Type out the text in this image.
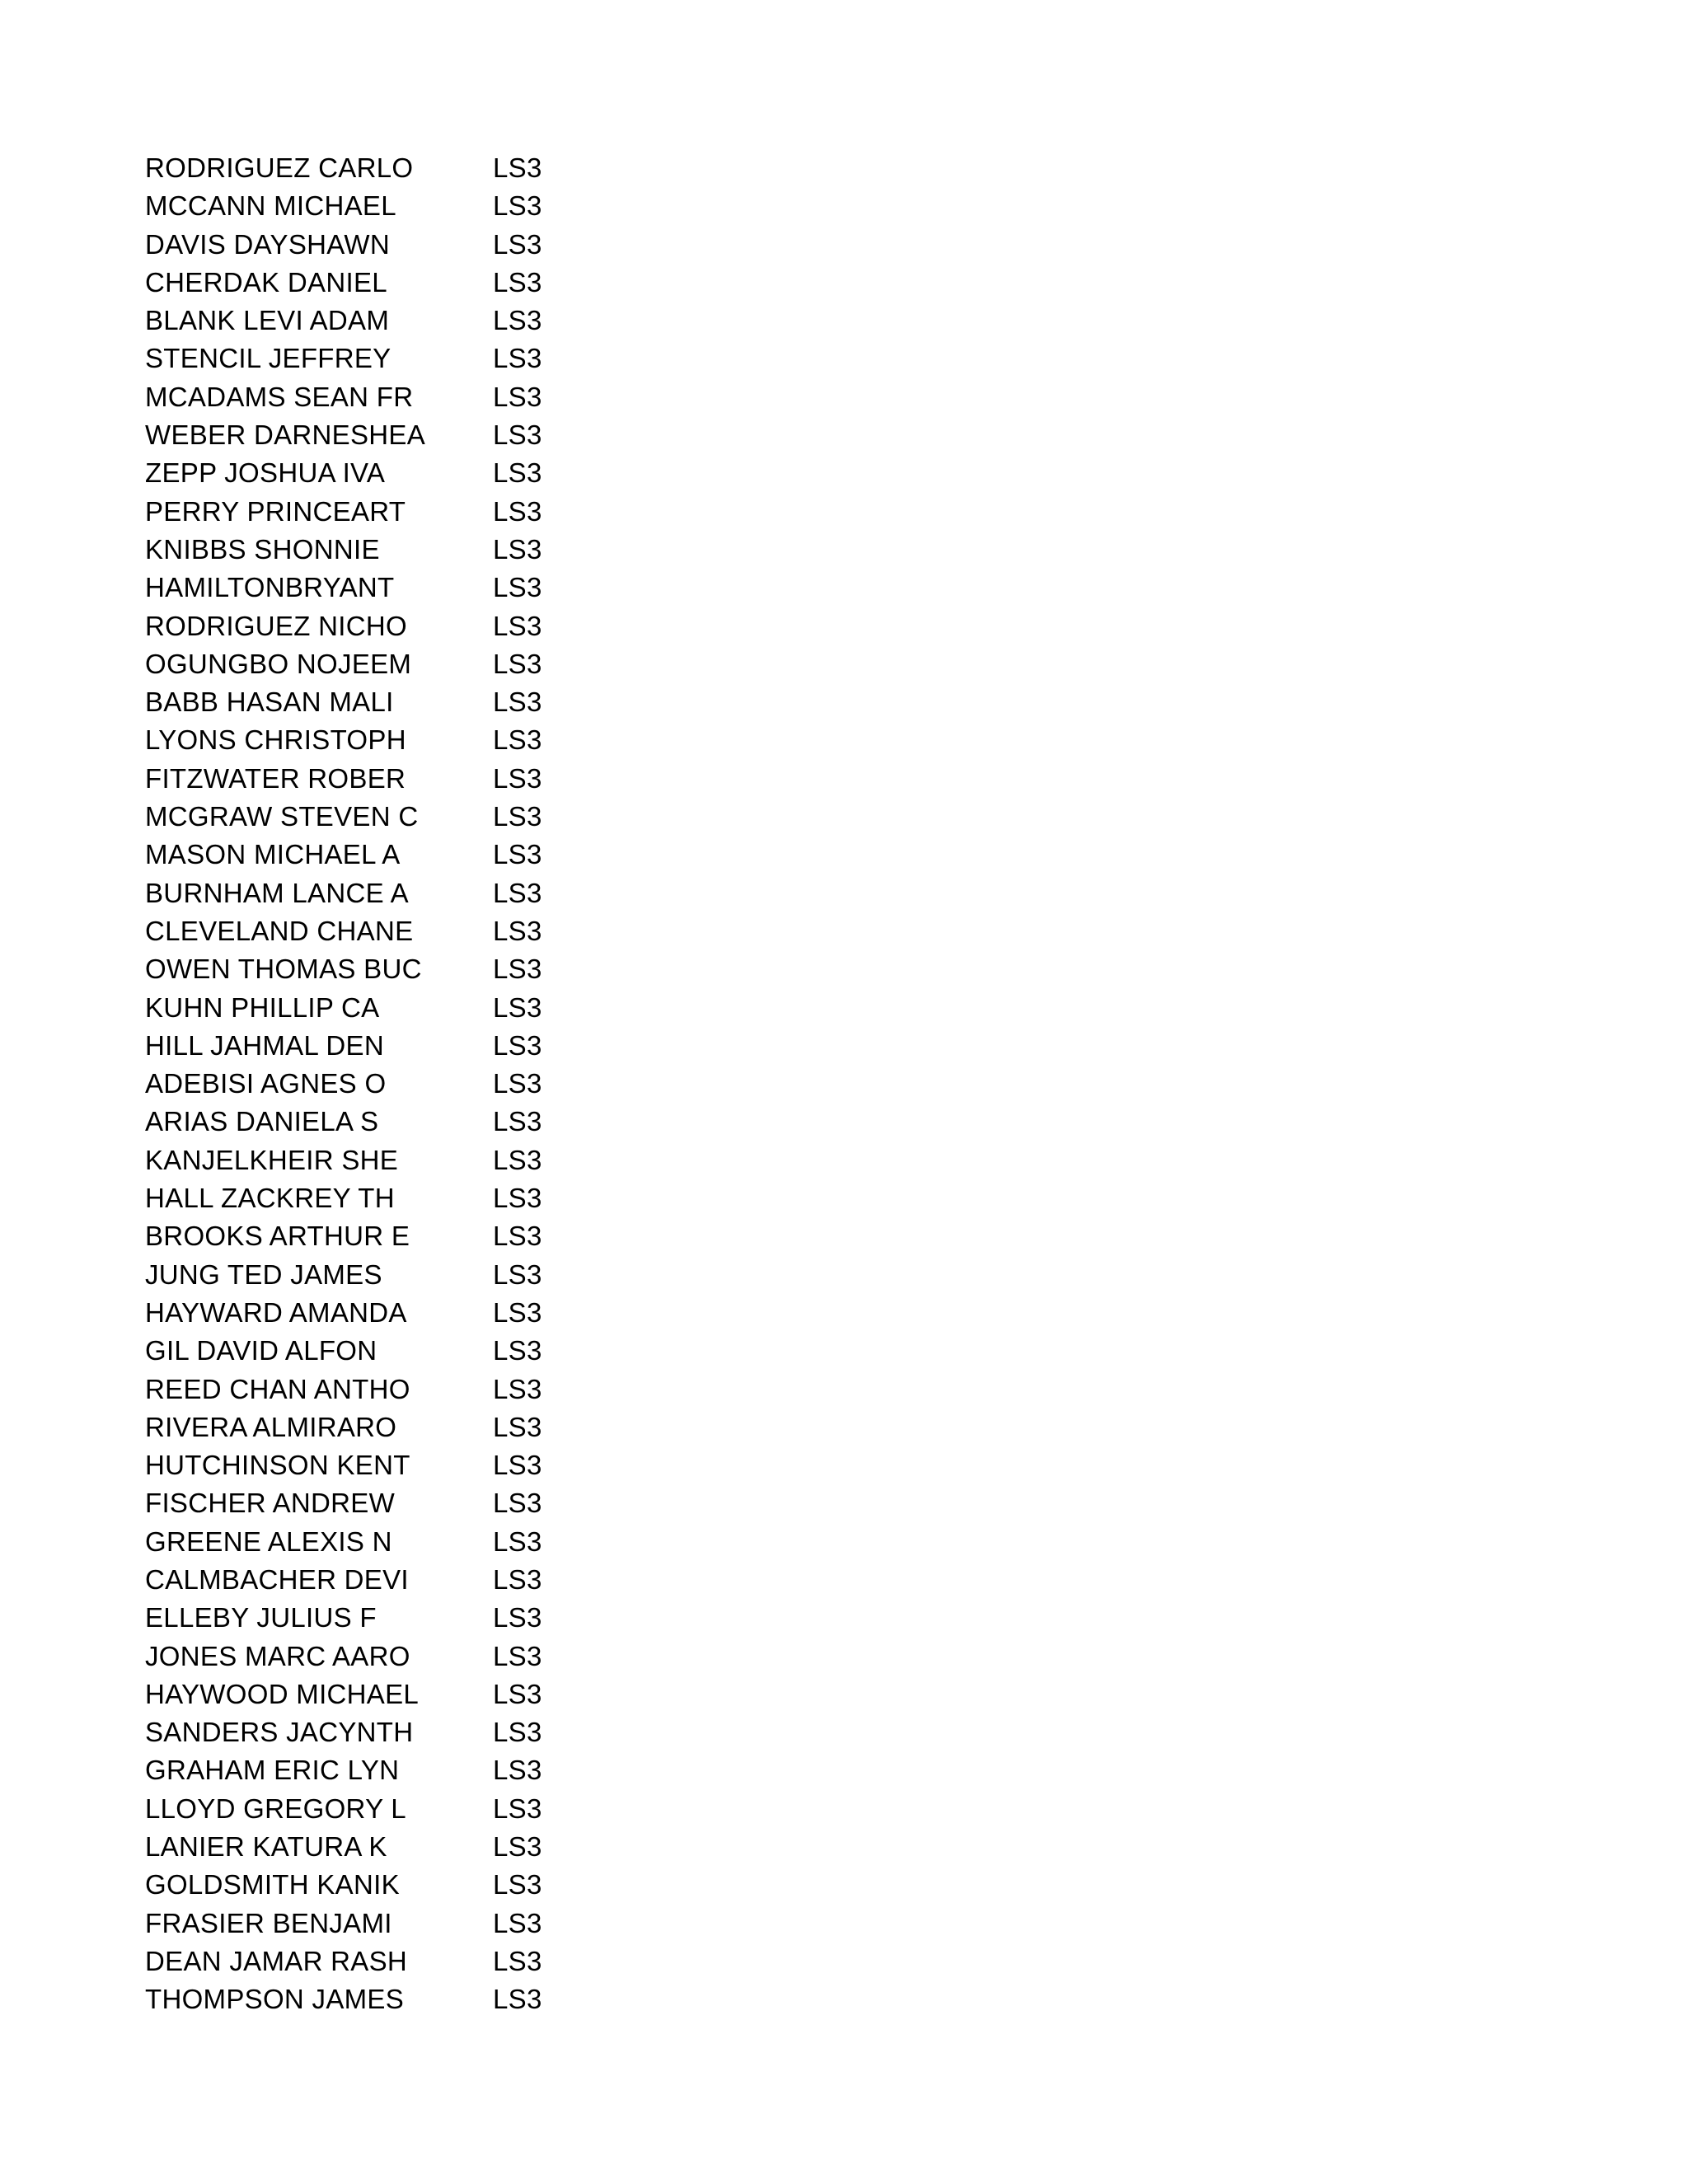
RODRIGUEZ CARLO	LS3
MCCANN MICHAEL	LS3
DAVIS DAYSHAWN	LS3
CHERDAK DANIEL	LS3
BLANK LEVI ADAM	LS3
STENCIL JEFFREY	LS3
MCADAMS SEAN FR	LS3
WEBER DARNESHEA	LS3
ZEPP JOSHUA IVA	LS3
PERRY PRINCEART	LS3
KNIBBS SHONNIE	LS3
HAMILTONBRYANT	LS3
RODRIGUEZ NICHO	LS3
OGUNGBO NOJEEM	LS3
BABB HASAN MALI	LS3
LYONS CHRISTOPH	LS3
FITZWATER ROBER	LS3
MCGRAW STEVEN C	LS3
MASON MICHAEL A	LS3
BURNHAM LANCE A	LS3
CLEVELAND CHANE	LS3
OWEN THOMAS BUC	LS3
KUHN PHILLIP CA	LS3
HILL JAHMAL DEN	LS3
ADEBISI AGNES O	LS3
ARIAS DANIELA S	LS3
KANJELKHEIR SHE	LS3
HALL ZACKREY TH	LS3
BROOKS ARTHUR E	LS3
JUNG TED JAMES	LS3
HAYWARD AMANDA	LS3
GIL DAVID ALFON	LS3
REED CHAN ANTHO	LS3
RIVERA ALMIRARO	LS3
HUTCHINSON KENT	LS3
FISCHER ANDREW	LS3
GREENE ALEXIS N	LS3
CALMBACHER DEVI	LS3
ELLEBY JULIUS F	LS3
JONES MARC AARO	LS3
HAYWOOD MICHAEL	LS3
SANDERS JACYNTH	LS3
GRAHAM ERIC LYN	LS3
LLOYD GREGORY L	LS3
LANIER KATURA K	LS3
GOLDSMITH KANIK	LS3
FRASIER BENJAMI	LS3
DEAN JAMAR RASH	LS3
THOMPSON JAMES	LS3
